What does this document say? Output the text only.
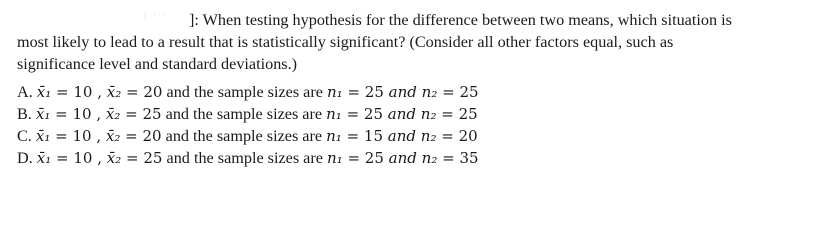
· · · ·	]: When testing hypothesis for the difference between two means, which situation is
most likely to lead to a result that is statistically significant? (Consider all other factors equal, such as
significance level and standard deviations.)
A. x̄₁ = 10 , x̄₂ = 20 and the sample sizes are n₁ = 25 and n₂ = 25
B. x̄₁ = 10 , x̄₂ = 25 and the sample sizes are n₁ = 25 and n₂ = 25
C. x̄₁ = 10 , x̄₂ = 20 and the sample sizes are n₁ = 15 and n₂ = 20
D. x̄₁ = 10 , x̄₂ = 25 and the sample sizes are n₁ = 25 and n₂ = 35
